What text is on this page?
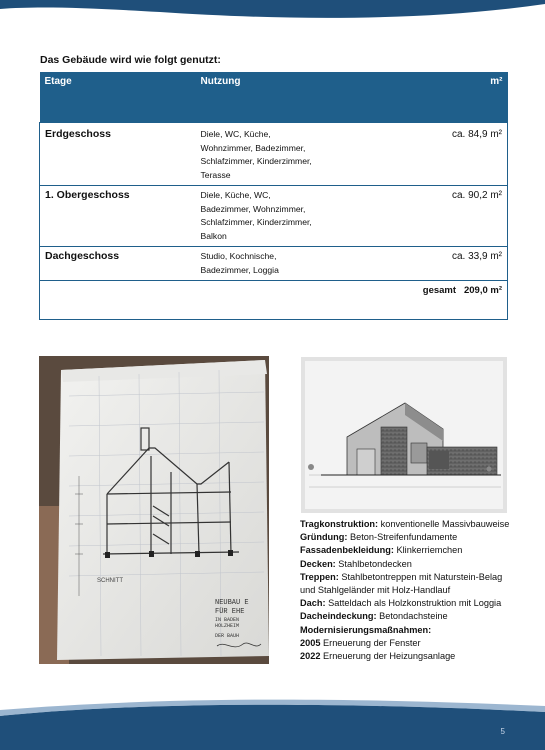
Das Gebäude wird wie folgt genutzt:
Etage	Nutzung	m²
Erdgeschoss	Diele, WC, Küche,
Wohnzimmer, Badezimmer,
Schlafzimmer, Kinderzimmer,
Terasse	ca. 84,9 m²
1. Obergeschoss	Diele, Küche, WC,
Badezimmer, Wohnzimmer,
Schlafzimmer, Kinderzimmer,
Balkon	ca. 90,2 m²
Dachgeschoss	Studio, Kochnische,
Badezimmer, Loggia	ca. 33,9 m²
gesamt   209,0 m²		
SCHNITT
NEUBAU E
FÜR EHE
IN BADEN
HOLZHEIM
DER BAUH
Tragkonstruktion: konventionelle Massivbauweise
Gründung: Beton-Streifenfundamente
Fassadenbekleidung: Klinkerriemchen
Decken: Stahlbetondecken
Treppen: Stahlbetontreppen mit Naturstein-Belag
und Stahlgeländer mit Holz-Handlauf
Dach: Satteldach als Holzkonstruktion mit Loggia
Dacheindeckung: Betondachsteine
Modernisierungsmaßnahmen:
2005 Erneuerung der Fenster
2022 Erneuerung der Heizungsanlage
5
